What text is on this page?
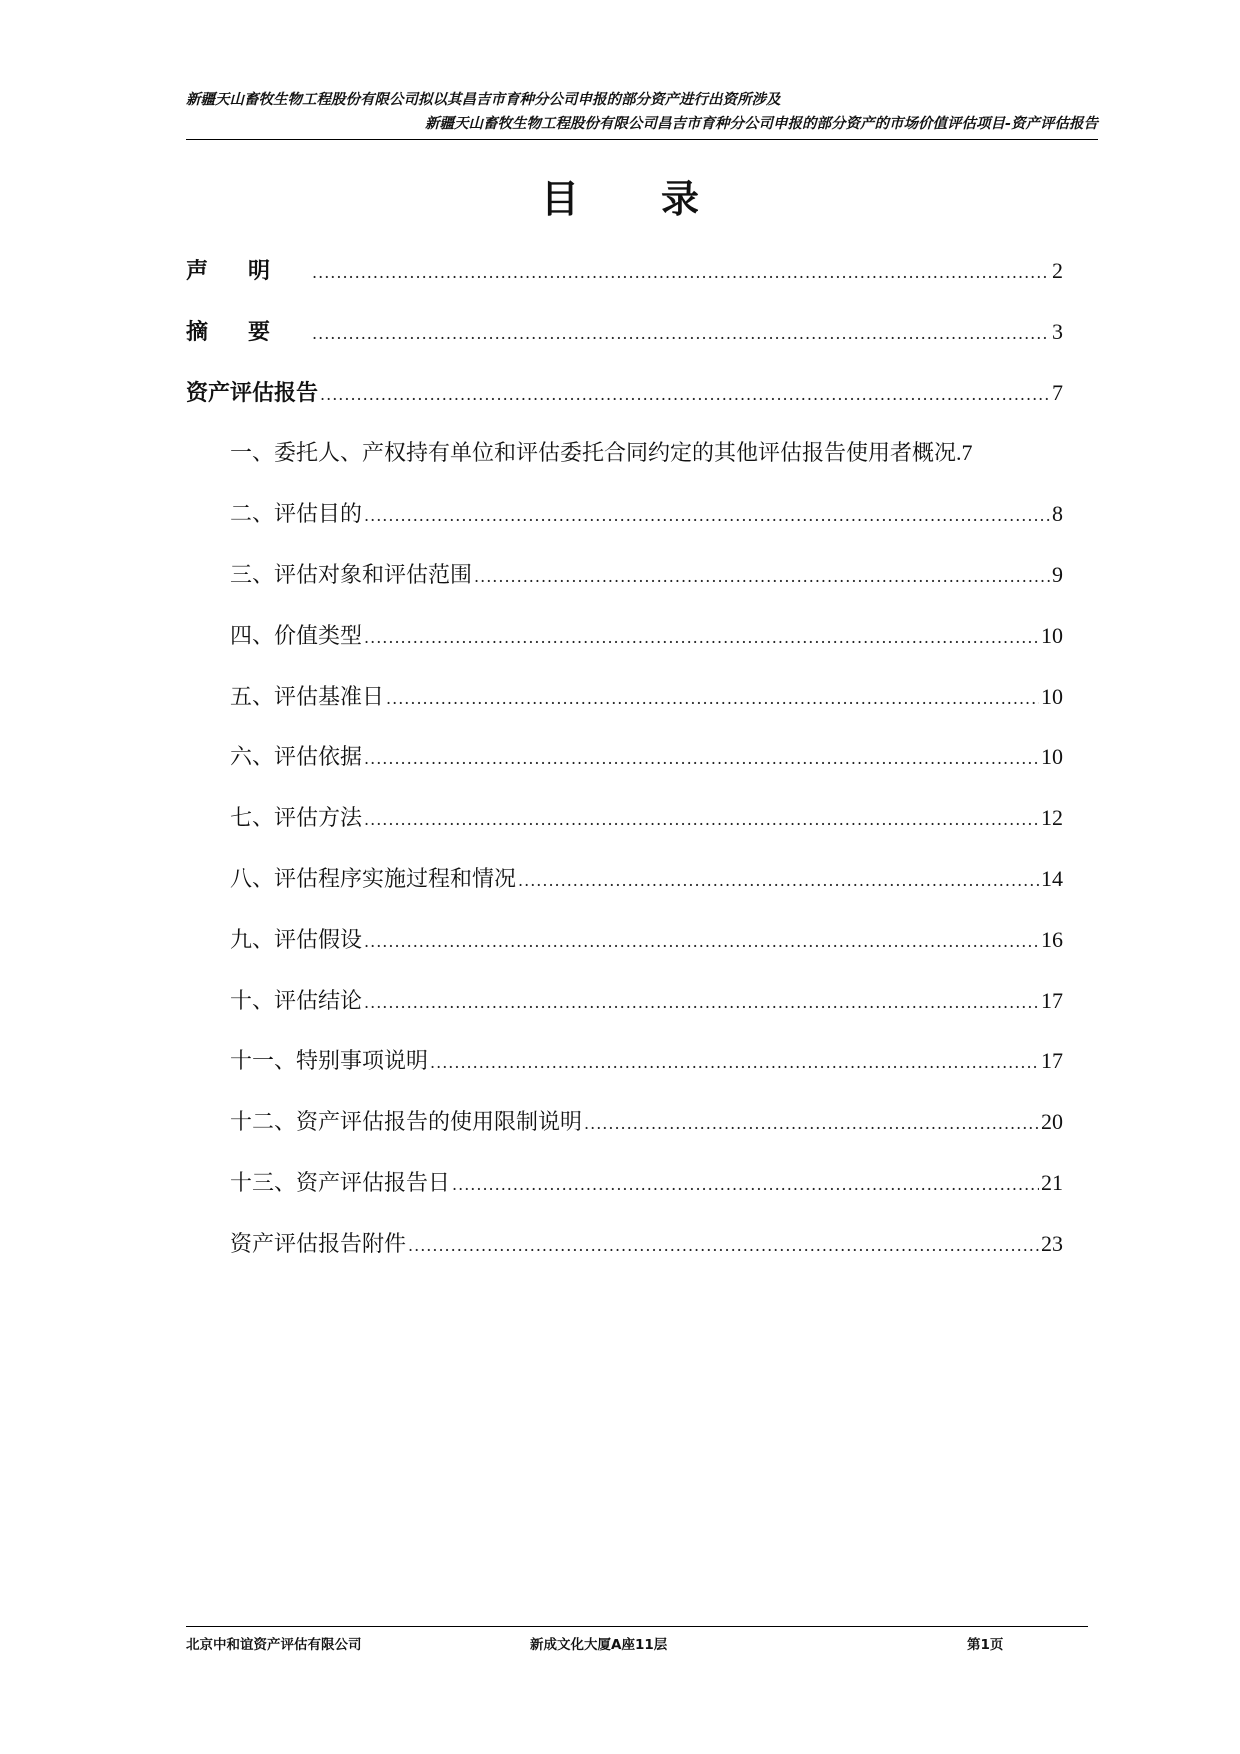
新疆天山畜牧生物工程股份有限公司拟以其昌吉市育种分公司申报的部分资产进行出资所涉及
新疆天山畜牧生物工程股份有限公司昌吉市育种分公司申报的部分资产的市场价值评估项目-资产评估报告
目录
声明 .....	2
摘要 .....	3
资产评估报告 .....	7
一、委托人、产权持有单位和评估委托合同约定的其他评估报告使用者概况 .7
二、评估目的 .....	8
三、评估对象和评估范围 .....	9
四、价值类型 .....	10
五、评估基准日 .....	10
六、评估依据 .....	10
七、评估方法 .....	12
八、评估程序实施过程和情况 .....	14
九、评估假设 .....	16
十、评估结论 .....	17
十一、特别事项说明 .....	17
十二、资产评估报告的使用限制说明 .....	20
十三、资产评估报告日 .....	21
资产评估报告附件 .....	23
北京中和谊资产评估有限公司	新成文化大厦A座11层	第1页
